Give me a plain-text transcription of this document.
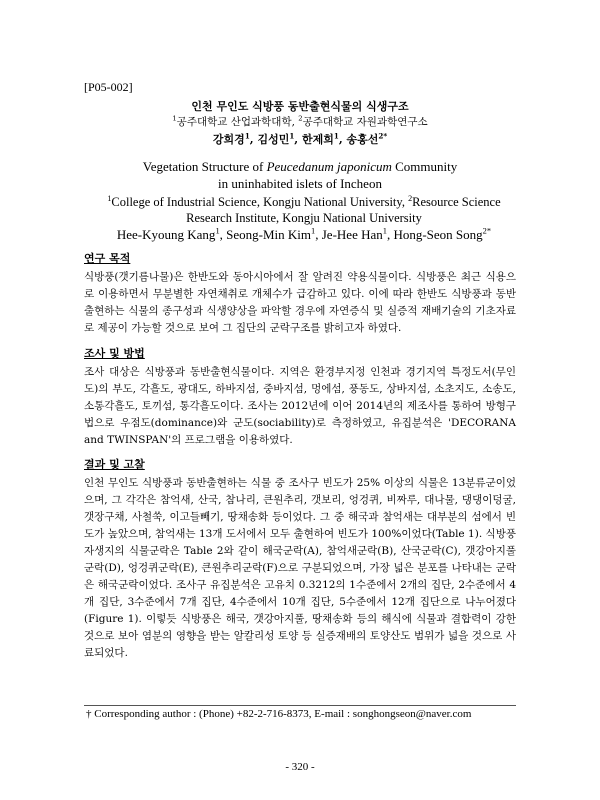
[P05-002]
인천 무인도 식방풍 동반출현식물의 식생구조
$^1$공주대학교 산업과학대학, $^2$공주대학교 자원과학연구소
강희경$^1$, 김성민$^1$, 한제희$^1$, 송홍선$^{2*}$
Vegetation Structure of Peucedanum japonicum Community
in uninhabited islets of Incheon
$^1$College of Industrial Science, Kongju National University, $^2$Resource Science Research Institute, Kongju National University
Hee-Kyoung Kang$^1$, Seong-Min Kim$^1$, Je-Hee Han$^1$, Hong-Seon Song$^{2*}$
연구 목적

식방풍(갯기름나물)은 한반도와 동아시아에서 잘 알려진 약용식물이다. 식방풍은 최근 식용으로 이용하면서 무분별한 자연채취로 개체수가 급감하고 있다. 이에 따라 한반도 식방풍과 동반출현하는 식물의 종구성과 식생양상을 파악할 경우에 자연증식 및 실증적 재배기술의 기초자료로 제공이 가능할 것으로 보여 그 집단의 군락구조를 밝히고자 하였다.

조사 및 방법

조사 대상은 식방풍과 동반출현식물이다. 지역은 환경부지정 인천과 경기지역 특정도서(무인도)의 부도, 각흘도, 광대도, 하바지섬, 중바지섬, 멍에섬, 풍동도, 상바지섬, 소초지도, 소송도, 소통각흘도, 토끼섬, 통각흘도이다. 조사는 2012년에 이어 2014년의 제조사를 통하여 방형구법으로 우점도(dominance)와 군도(sociability)로 측정하였고, 유집분석은 'DECORANA and TWINSPAN'의 프로그램을 이용하였다.

결과 및 고찰

인천 무인도 식방풍과 동반출현하는 식물 중 조사구 빈도가 25% 이상의 식물은 13분류군이었으며, 그 각각은 참억새, 산국, 참나리, 큰원추리, 갯보리, 엉겅퀴, 비짜루, 대나물, 댕댕이덩굴, 갯장구채, 사철쑥, 이고들빼기, 땅채송화 등이었다. 그 중 해국과 참억새는 대부분의 섬에서 빈도가 높았으며, 참억새는 13개 도서에서 모두 출현하여 빈도가 100%이었다(Table 1). 식방풍 자생지의 식물군락은 Table 2와 같이 해국군락(A), 참억새군락(B), 산국군락(C), 갯강아지풀군락(D), 엉겅퀴군락(E), 큰원추리군락(F)으로 구분되었으며, 가장 넓은 분포를 나타내는 군락은 해국군락이었다. 조사구 유집분석은 고유치 0.3212의 1수준에서 2개의 집단, 2수준에서 4개 집단, 3수준에서 7개 집단, 4수준에서 10개 집단, 5수준에서 12개 집단으로 나누어졌다(Figure 1). 이렇듯 식방풍은 해국, 갯강아지풀, 땅채송화 등의 해식에 식물과 결합력이 강한 것으로 보아 염분의 영향을 받는 알칼리성 토양 등 실증재배의 토양산도 범위가 넓을 것으로 사료되었다.

† Corresponding author : (Phone) +82-2-716-8373, E-mail : songhongseon@naver.com
- 320 -
